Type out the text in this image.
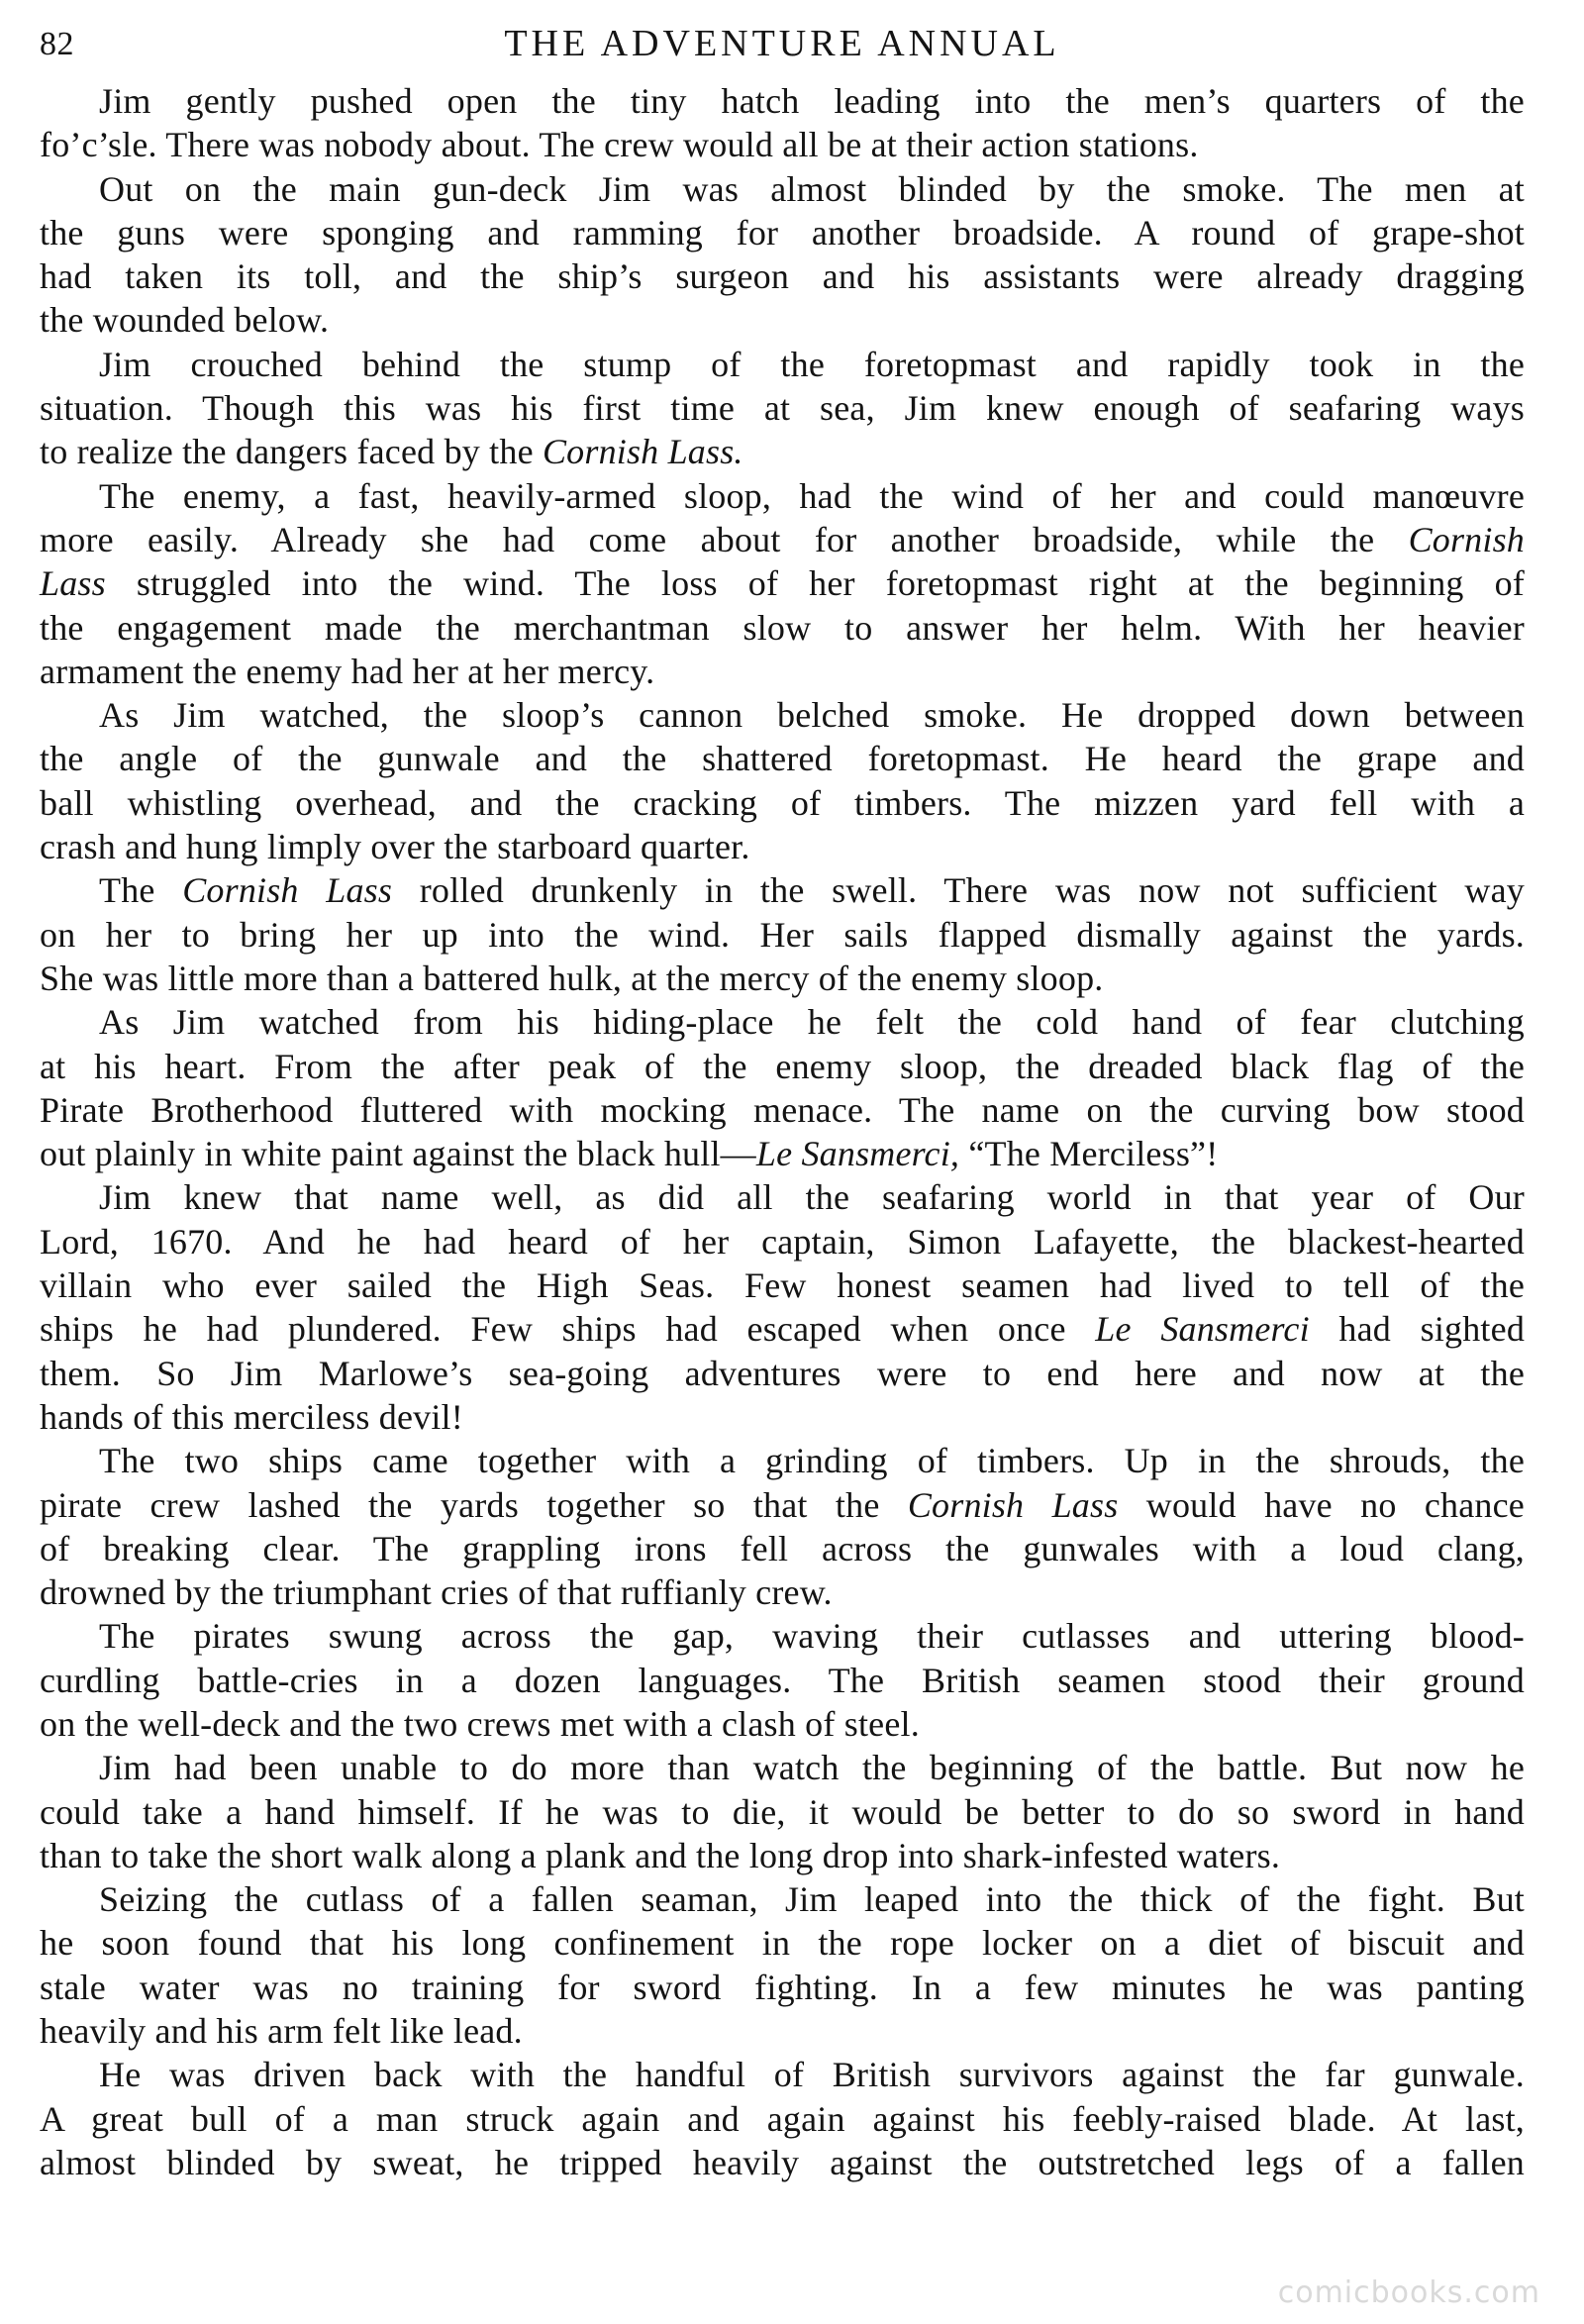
82	THE ADVENTURE ANNUAL
Jim gently pushed open the tiny hatch leading into the men’s quarters of the
fo’c’sle. There was nobody about. The crew would all be at their action stations.
Out on the main gun-deck Jim was almost blinded by the smoke. The men at
the guns were sponging and ramming for another broadside. A round of grape-shot
had taken its toll, and the ship’s surgeon and his assistants were already dragging
the wounded below.
Jim crouched behind the stump of the foretopmast and rapidly took in the
situation. Though this was his first time at sea, Jim knew enough of seafaring ways
to realize the dangers faced by the Cornish Lass.
The enemy, a fast, heavily-armed sloop, had the wind of her and could manœuvre
more easily. Already she had come about for another broadside, while the Cornish
Lass struggled into the wind. The loss of her foretopmast right at the beginning of
the engagement made the merchantman slow to answer her helm. With her heavier
armament the enemy had her at her mercy.
As Jim watched, the sloop’s cannon belched smoke. He dropped down between
the angle of the gunwale and the shattered foretopmast. He heard the grape and
ball whistling overhead, and the cracking of timbers. The mizzen yard fell with a
crash and hung limply over the starboard quarter.
The Cornish Lass rolled drunkenly in the swell. There was now not sufficient way
on her to bring her up into the wind. Her sails flapped dismally against the yards.
She was little more than a battered hulk, at the mercy of the enemy sloop.
As Jim watched from his hiding-place he felt the cold hand of fear clutching
at his heart. From the after peak of the enemy sloop, the dreaded black flag of the
Pirate Brotherhood fluttered with mocking menace. The name on the curving bow stood
out plainly in white paint against the black hull—Le Sansmerci, “The Merciless”!
Jim knew that name well, as did all the seafaring world in that year of Our
Lord, 1670. And he had heard of her captain, Simon Lafayette, the blackest-hearted
villain who ever sailed the High Seas. Few honest seamen had lived to tell of the
ships he had plundered. Few ships had escaped when once Le Sansmerci had sighted
them. So Jim Marlowe’s sea-going adventures were to end here and now at the
hands of this merciless devil!
The two ships came together with a grinding of timbers. Up in the shrouds, the
pirate crew lashed the yards together so that the Cornish Lass would have no chance
of breaking clear. The grappling irons fell across the gunwales with a loud clang,
drowned by the triumphant cries of that ruffianly crew.
The pirates swung across the gap, waving their cutlasses and uttering blood-
curdling battle-cries in a dozen languages. The British seamen stood their ground
on the well-deck and the two crews met with a clash of steel.
Jim had been unable to do more than watch the beginning of the battle. But now he
could take a hand himself. If he was to die, it would be better to do so sword in hand
than to take the short walk along a plank and the long drop into shark-infested waters.
Seizing the cutlass of a fallen seaman, Jim leaped into the thick of the fight. But
he soon found that his long confinement in the rope locker on a diet of biscuit and
stale water was no training for sword fighting. In a few minutes he was panting
heavily and his arm felt like lead.
He was driven back with the handful of British survivors against the far gunwale.
A great bull of a man struck again and again against his feebly-raised blade. At last,
almost blinded by sweat, he tripped heavily against the outstretched legs of a fallen
comicbooks.com
